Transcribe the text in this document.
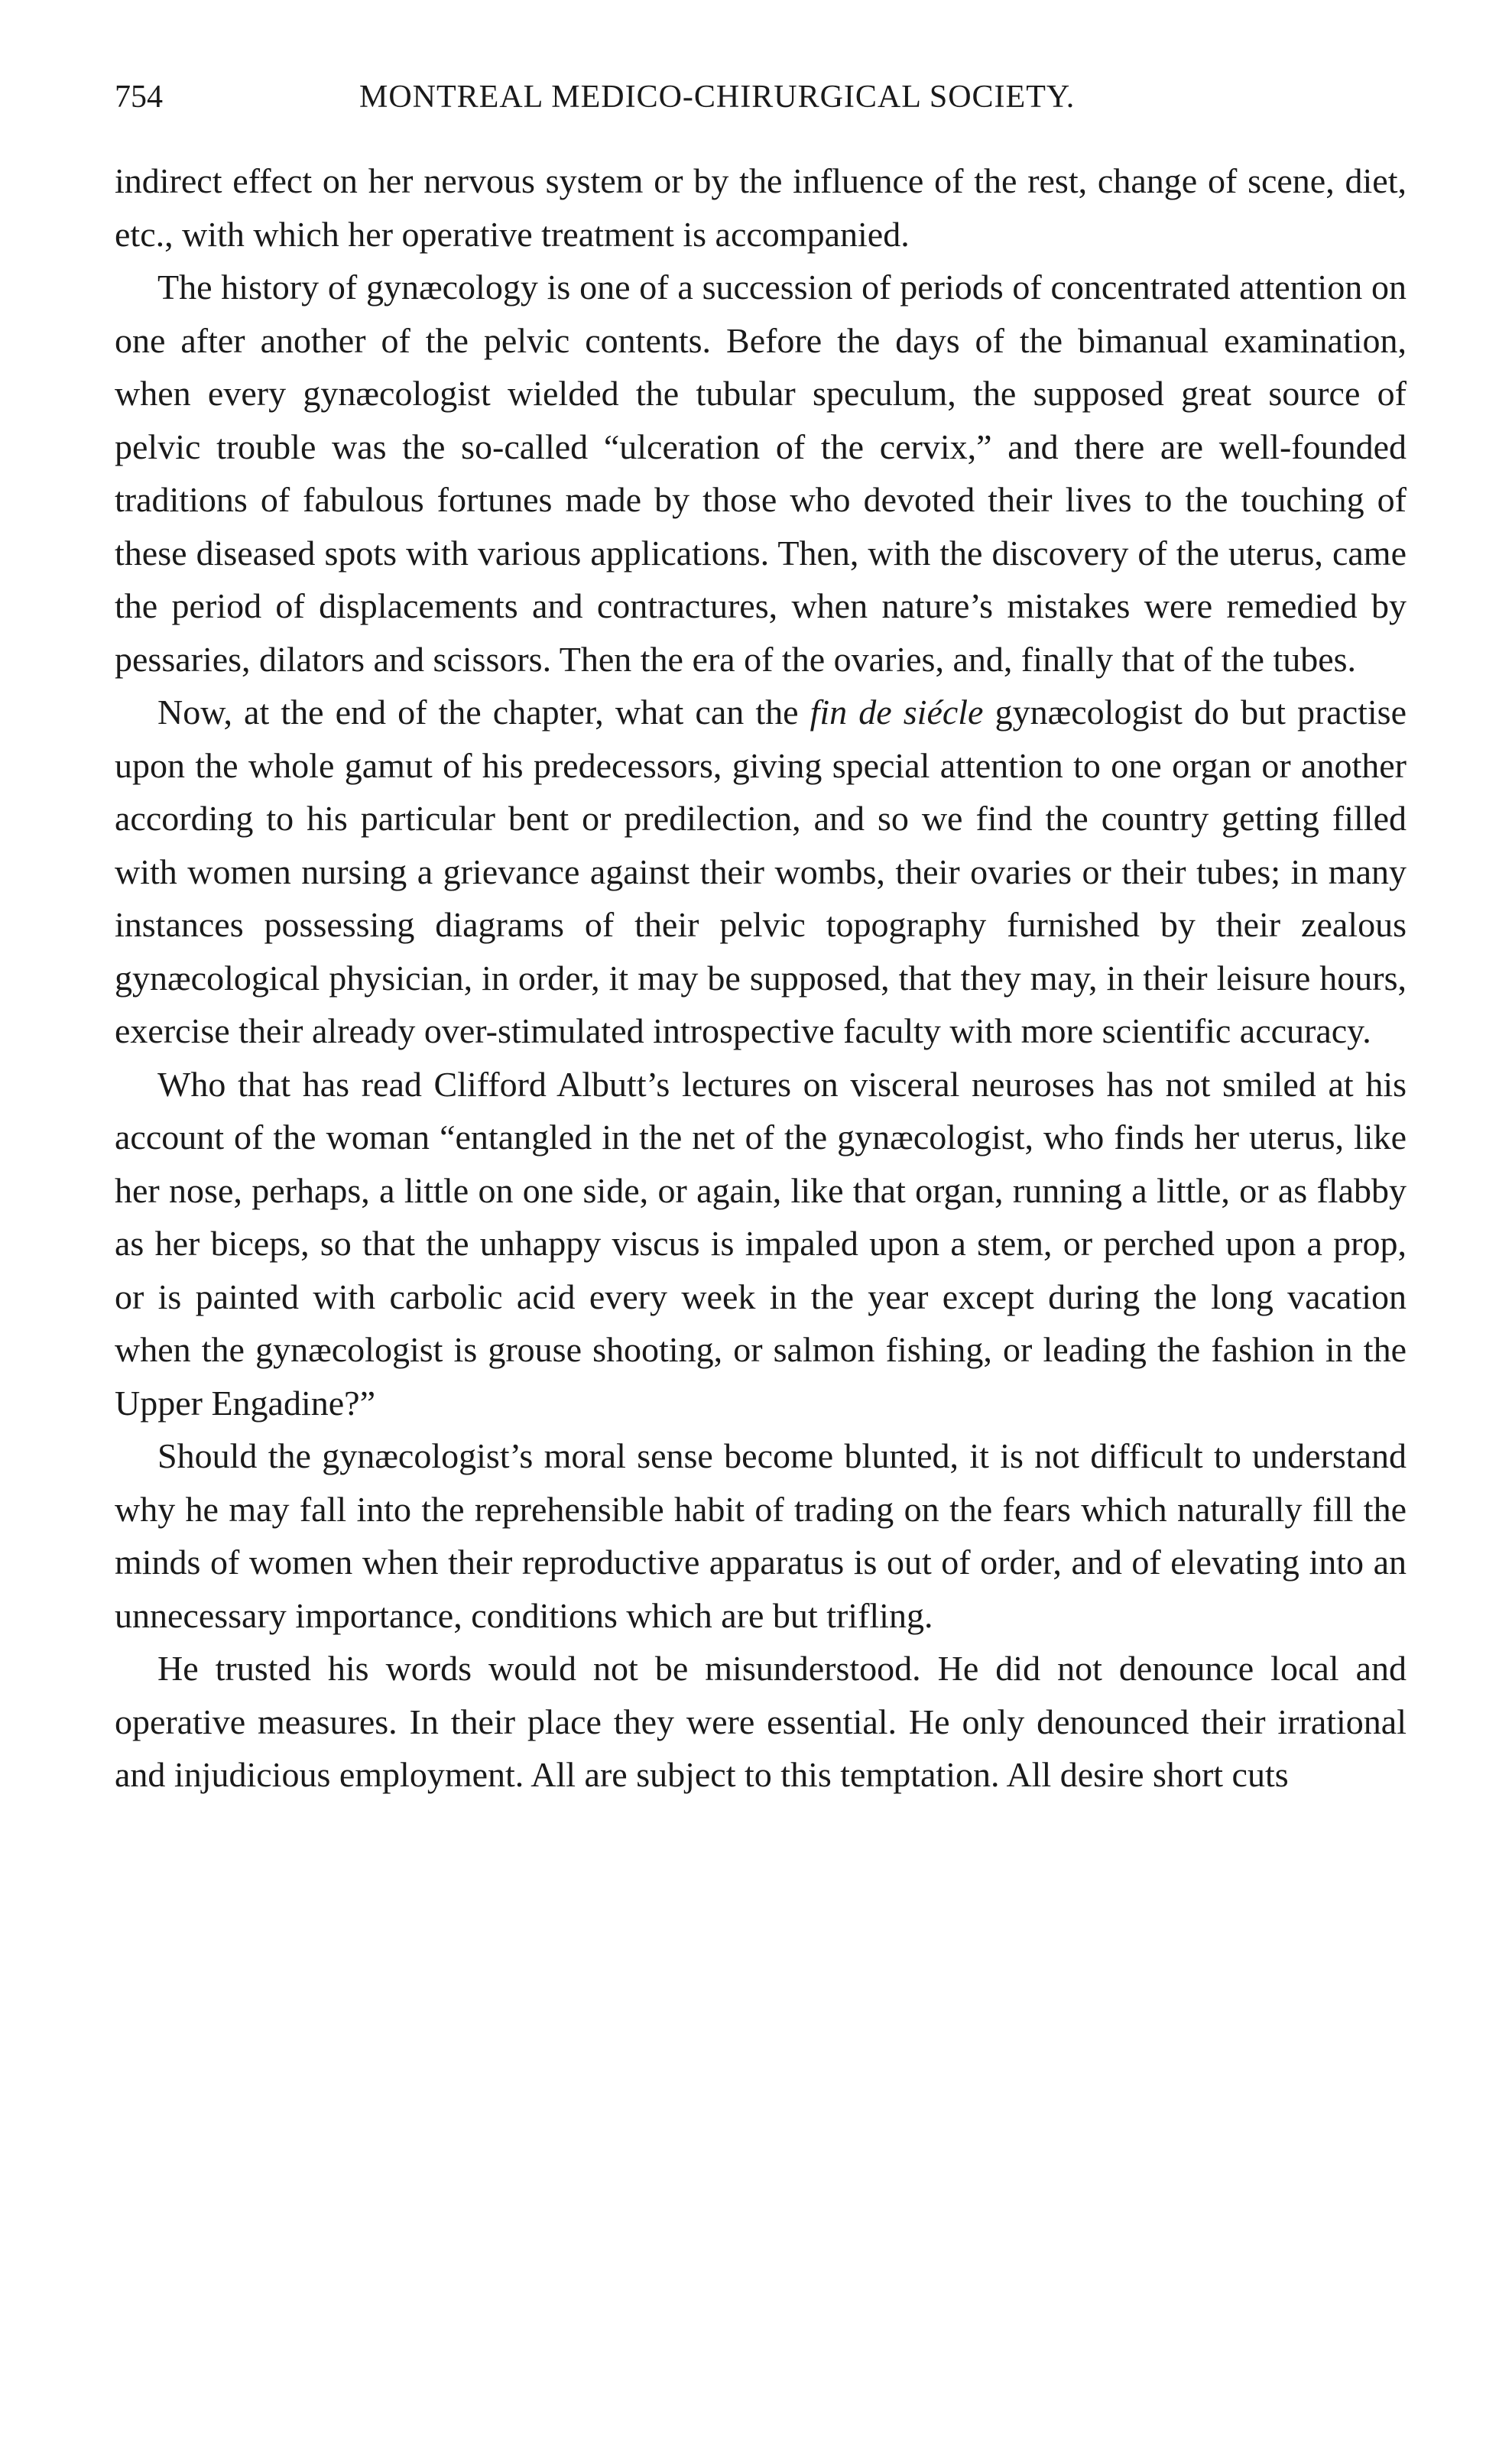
754	MONTREAL MEDICO-CHIRURGICAL SOCIETY.

indirect effect on her nervous system or by the influence of the rest, change of scene, diet, etc., with which her operative treatment is accompanied.

The history of gynæcology is one of a succession of periods of concentrated attention on one after another of the pelvic contents. Before the days of the bimanual examination, when every gynæcologist wielded the tubular speculum, the supposed great source of pelvic trouble was the so-called “ulceration of the cervix,” and there are well-founded traditions of fabulous fortunes made by those who devoted their lives to the touching of these diseased spots with various applications. Then, with the discovery of the uterus, came the period of displacements and contractures, when nature’s mistakes were remedied by pessaries, dilators and scissors. Then the era of the ovaries, and, finally that of the tubes.

Now, at the end of the chapter, what can the fin de siécle gynæcologist do but practise upon the whole gamut of his predecessors, giving special attention to one organ or another according to his particular bent or predilection, and so we find the country getting filled with women nursing a grievance against their wombs, their ovaries or their tubes; in many instances possessing diagrams of their pelvic topography furnished by their zealous gynæcological physician, in order, it may be supposed, that they may, in their leisure hours, exercise their already over-stimulated introspective faculty with more scientific accuracy.

Who that has read Clifford Albutt’s lectures on visceral neuroses has not smiled at his account of the woman “entangled in the net of the gynæcologist, who finds her uterus, like her nose, perhaps, a little on one side, or again, like that organ, running a little, or as flabby as her biceps, so that the unhappy viscus is impaled upon a stem, or perched upon a prop, or is painted with carbolic acid every week in the year except during the long vacation when the gynæcologist is grouse shooting, or salmon fishing, or leading the fashion in the Upper Engadine?”

Should the gynæcologist’s moral sense become blunted, it is not difficult to understand why he may fall into the reprehensible habit of trading on the fears which naturally fill the minds of women when their reproductive apparatus is out of order, and of elevating into an unnecessary importance, conditions which are but trifling.

He trusted his words would not be misunderstood. He did not denounce local and operative measures. In their place they were essential. He only denounced their irrational and injudicious employment. All are subject to this temptation. All desire short cuts
